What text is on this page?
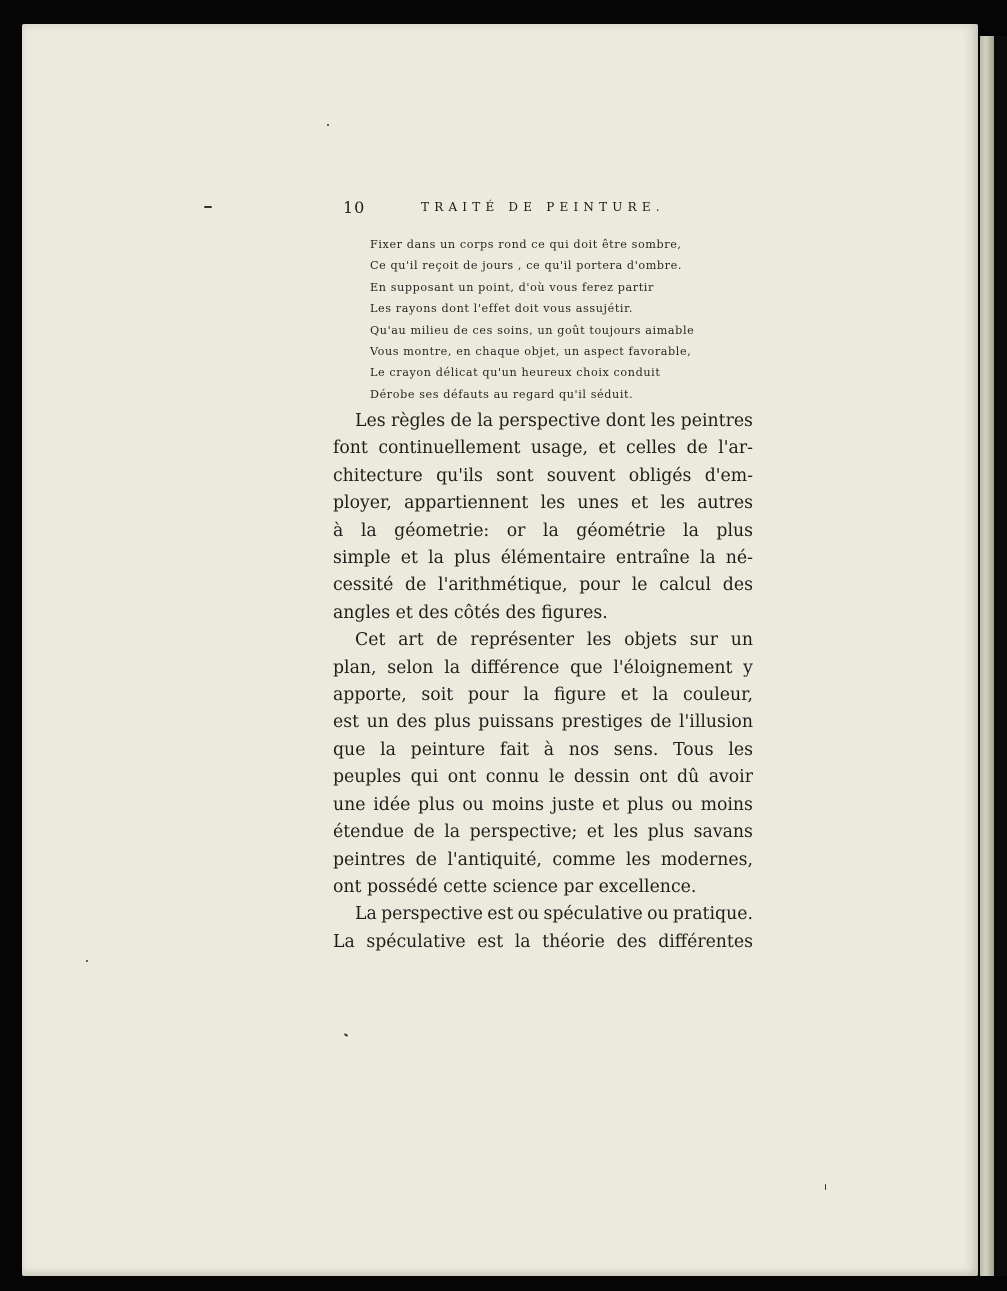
10	TRAITÉ DE PEINTURE.
Fixer dans un corps rond ce qui doit être sombre,
Ce qu'il reçoit de jours , ce qu'il portera d'ombre.
En supposant un point, d'où vous ferez partir
Les rayons dont l'effet doit vous assujétir.
Qu'au milieu de ces soins, un goût toujours aimable
Vous montre, en chaque objet, un aspect favorable,
Le crayon délicat qu'un heureux choix conduit
Dérobe ses défauts au regard qu'il séduit.
Les règles de la perspective dont les peintres
font continuellement usage, et celles de l'ar-
chitecture qu'ils sont souvent obligés d'em-
ployer, appartiennent les unes et les autres
à la géometrie: or la géométrie la plus
simple et la plus élémentaire entraîne la né-
cessité de l'arithmétique, pour le calcul des
angles et des côtés des figures.
Cet art de représenter les objets sur un
plan, selon la différence que l'éloignement y
apporte, soit pour la figure et la couleur,
est un des plus puissans prestiges de l'illusion
que la peinture fait à nos sens. Tous les
peuples qui ont connu le dessin ont dû avoir
une idée plus ou moins juste et plus ou moins
étendue de la perspective; et les plus savans
peintres de l'antiquité, comme les modernes,
ont possédé cette science par excellence.
La perspective est ou spéculative ou pratique.
La spéculative est la théorie des différentes
